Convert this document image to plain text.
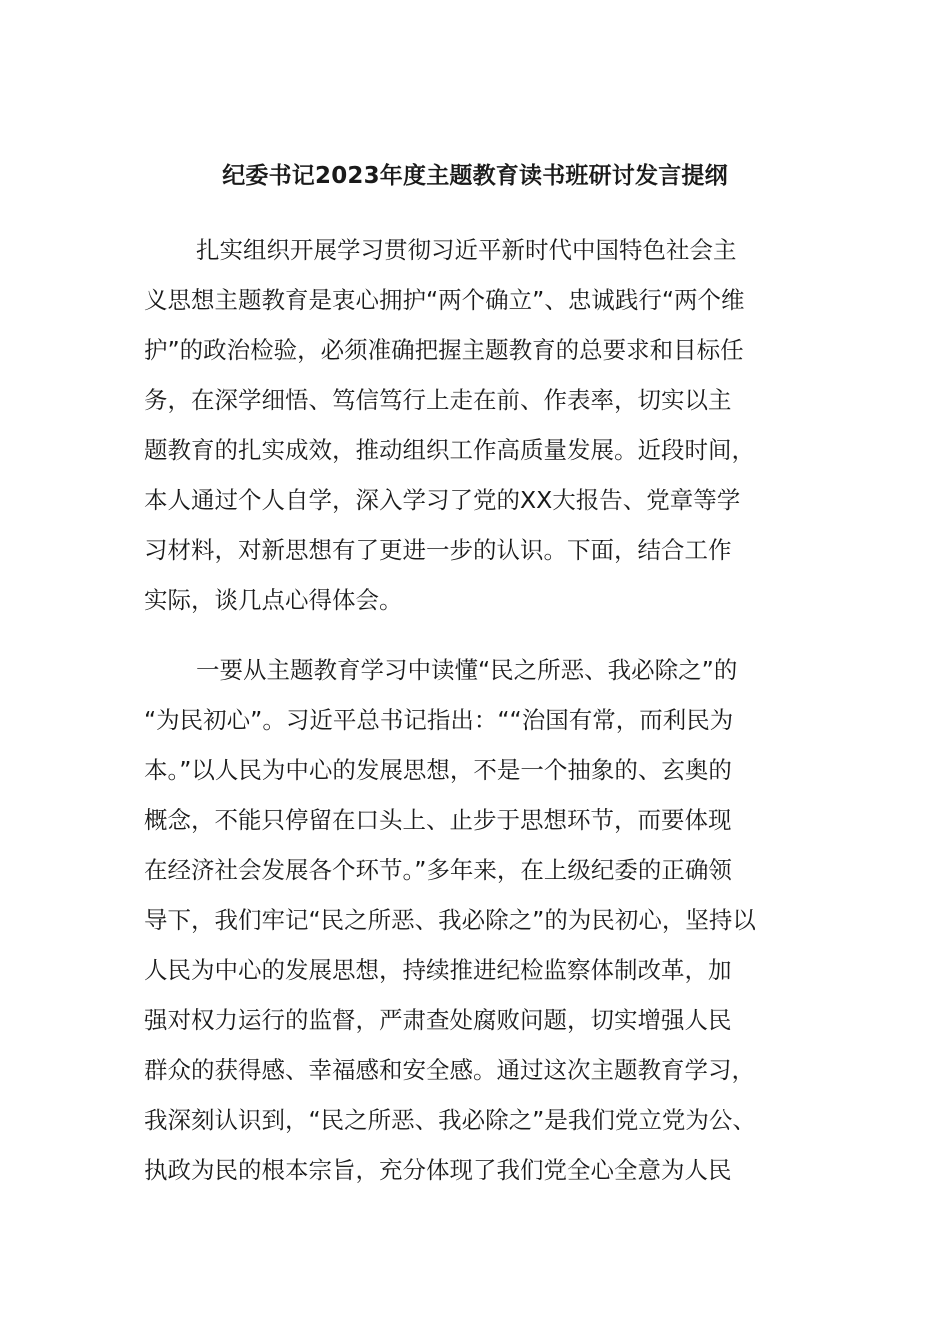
纪委书记2023年度主题教育读书班研讨发言提纲
扎实组织开展学习贯彻习近平新时代中国特色社会主
义思想主题教育是衷心拥护“两个确立”、忠诚践行“两个维
护”的政治检验，必须准确把握主题教育的总要求和目标任
务，在深学细悟、笃信笃行上走在前、作表率，切实以主
题教育的扎实成效，推动组织工作高质量发展。近段时间，
本人通过个人自学，深入学习了党的XX大报告、党章等学
习材料，对新思想有了更进一步的认识。下面，结合工作
实际，谈几点心得体会。
一要从主题教育学习中读懂“民之所恶、我必除之”的
“为民初心”。习近平总书记指出：““治国有常，而利民为
本。”以人民为中心的发展思想，不是一个抽象的、玄奥的
概念，不能只停留在口头上、止步于思想环节，而要体现
在经济社会发展各个环节。”多年来，在上级纪委的正确领
导下，我们牢记“民之所恶、我必除之”的为民初心，坚持以
人民为中心的发展思想，持续推进纪检监察体制改革，加
强对权力运行的监督，严肃查处腐败问题，切实增强人民
群众的获得感、幸福感和安全感。通过这次主题教育学习，
我深刻认识到，“民之所恶、我必除之”是我们党立党为公、
执政为民的根本宗旨，充分体现了我们党全心全意为人民
